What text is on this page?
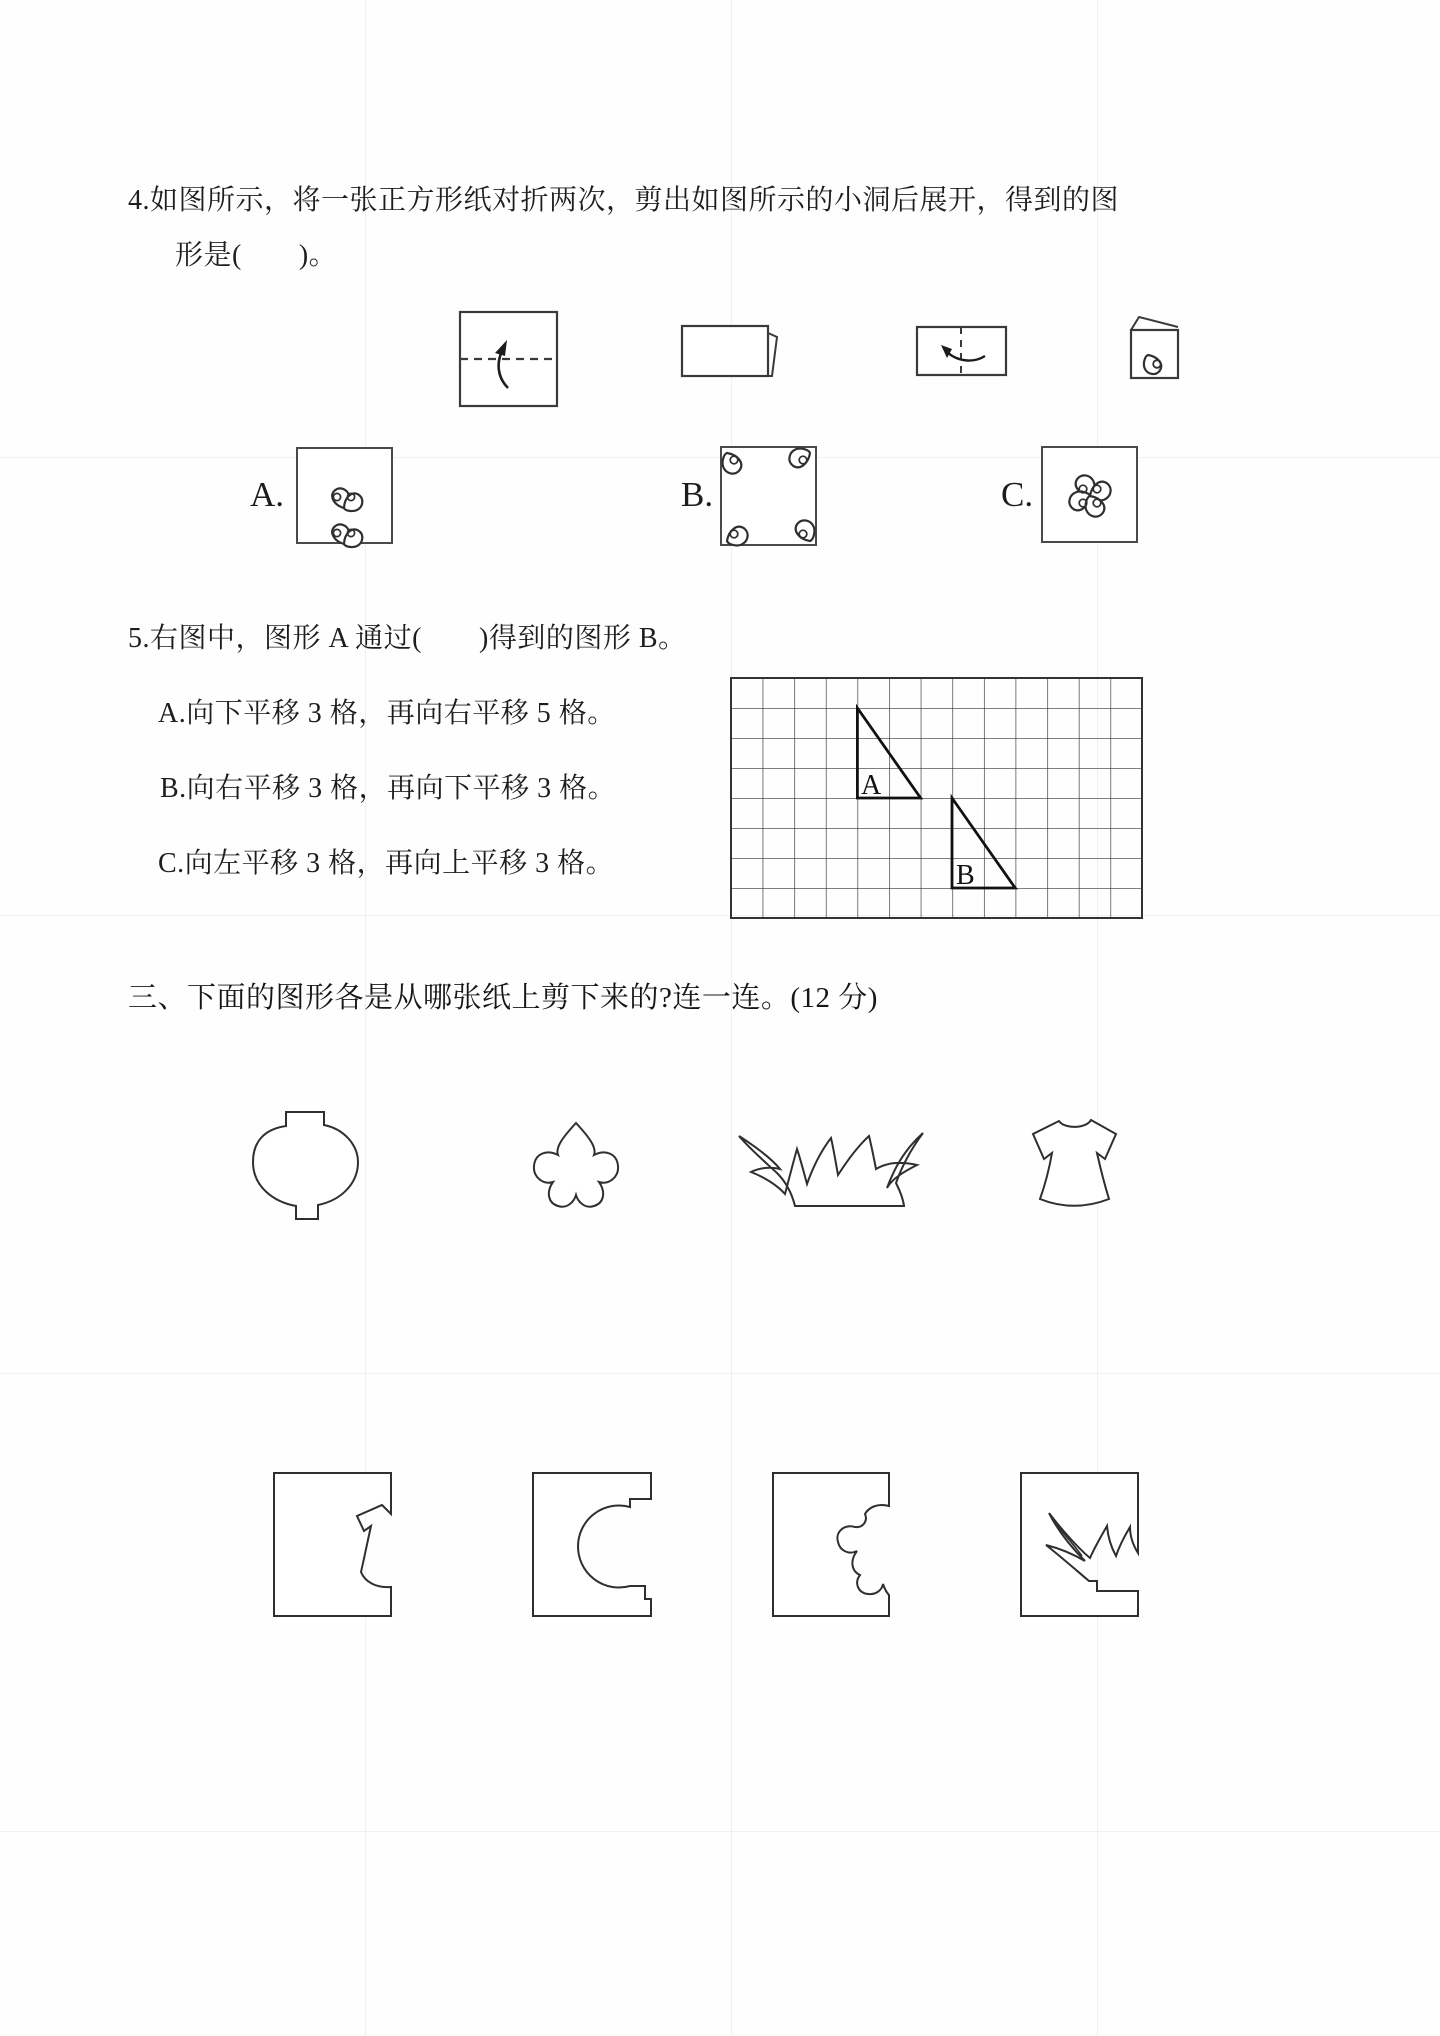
4.如图所示，将一张正方形纸对折两次，剪出如图所示的小洞后展开，得到的图
形是(　　)。
A.	B.	C.
5.右图中，图形 A 通过(　　)得到的图形 B。
A.向下平移 3 格，再向右平移 5 格。
B.向右平移 3 格，再向下平移 3 格。
C.向左平移 3 格，再向上平移 3 格。
三、下面的图形各是从哪张纸上剪下来的?连一连。(12 分)
A
B
